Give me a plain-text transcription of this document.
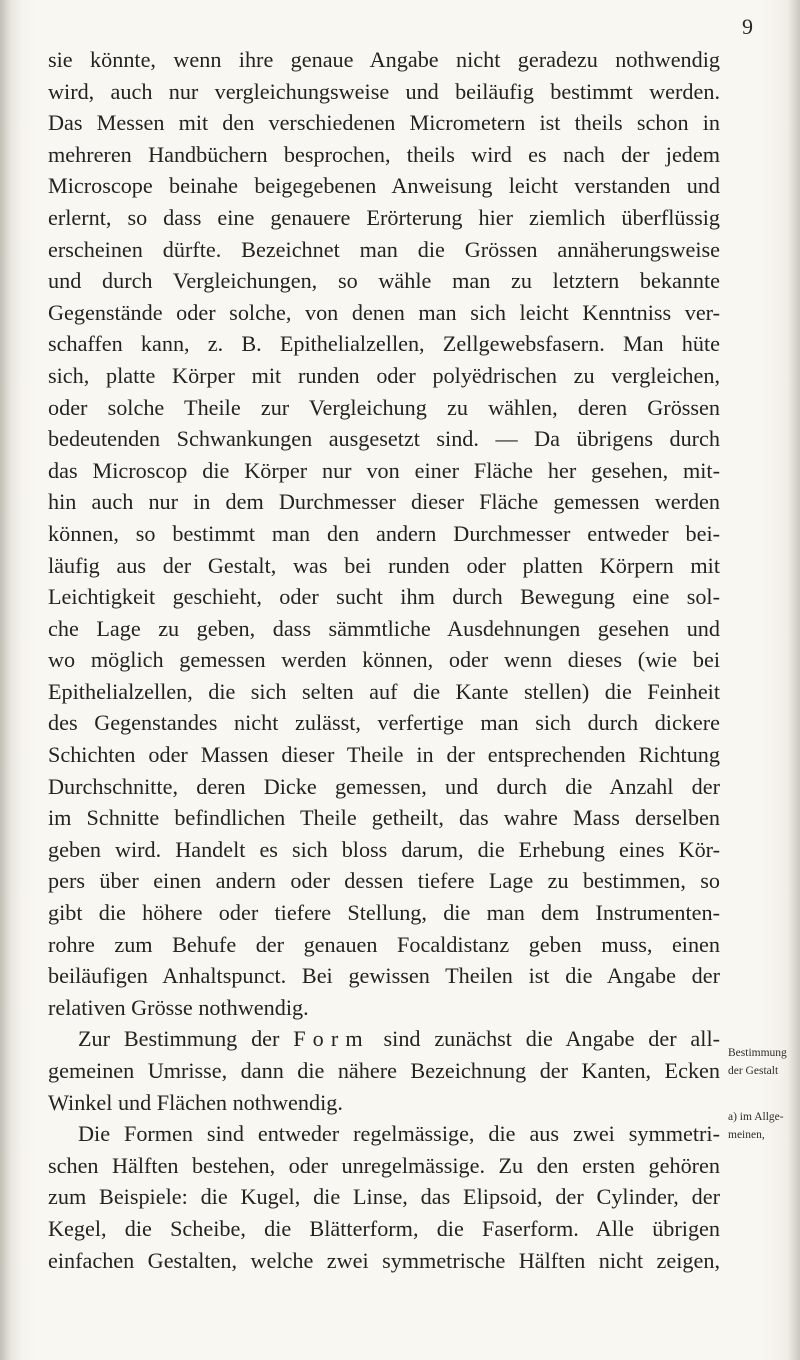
9
sie könnte, wenn ihre genaue Angabe nicht geradezu nothwendig
wird, auch nur vergleichungsweise und beiläufig bestimmt werden.
Das Messen mit den verschiedenen Micrometern ist theils schon in
mehreren Handbüchern besprochen, theils wird es nach der jedem
Microscope beinahe beigegebenen Anweisung leicht verstanden und
erlernt, so dass eine genauere Erörterung hier ziemlich überflüssig
erscheinen dürfte. Bezeichnet man die Grössen annäherungsweise
und durch Vergleichungen, so wähle man zu letztern bekannte
Gegenstände oder solche, von denen man sich leicht Kenntniss ver-
schaffen kann, z. B. Epithelialzellen, Zellgewebsfasern. Man hüte
sich, platte Körper mit runden oder polyëdrischen zu vergleichen,
oder solche Theile zur Vergleichung zu wählen, deren Grössen
bedeutenden Schwankungen ausgesetzt sind. — Da übrigens durch
das Microscop die Körper nur von einer Fläche her gesehen, mit-
hin auch nur in dem Durchmesser dieser Fläche gemessen werden
können, so bestimmt man den andern Durchmesser entweder bei-
läufig aus der Gestalt, was bei runden oder platten Körpern mit
Leichtigkeit geschieht, oder sucht ihm durch Bewegung eine sol-
che Lage zu geben, dass sämmtliche Ausdehnungen gesehen und
wo möglich gemessen werden können, oder wenn dieses (wie bei
Epithelialzellen, die sich selten auf die Kante stellen) die Feinheit
des Gegenstandes nicht zulässt, verfertige man sich durch dickere
Schichten oder Massen dieser Theile in der entsprechenden Richtung
Durchschnitte, deren Dicke gemessen, und durch die Anzahl der
im Schnitte befindlichen Theile getheilt, das wahre Mass derselben
geben wird. Handelt es sich bloss darum, die Erhebung eines Kör-
pers über einen andern oder dessen tiefere Lage zu bestimmen, so
gibt die höhere oder tiefere Stellung, die man dem Instrumenten-
rohre zum Behufe der genauen Focaldistanz geben muss, einen
beiläufigen Anhaltspunct. Bei gewissen Theilen ist die Angabe der
relativen Grösse nothwendig.
Zur Bestimmung der Form sind zunächst die Angabe der all-
gemeinen Umrisse, dann die nähere Bezeichnung der Kanten, Ecken
Winkel und Flächen nothwendig.
Die Formen sind entweder regelmässige, die aus zwei symmetri-
schen Hälften bestehen, oder unregelmässige. Zu den ersten gehören
zum Beispiele: die Kugel, die Linse, das Elipsoid, der Cylinder, der
Kegel, die Scheibe, die Blätterform, die Faserform. Alle übrigen
einfachen Gestalten, welche zwei symmetrische Hälften nicht zeigen,
Bestimmung
der Gestalt
a) im Allge-
meinen,
